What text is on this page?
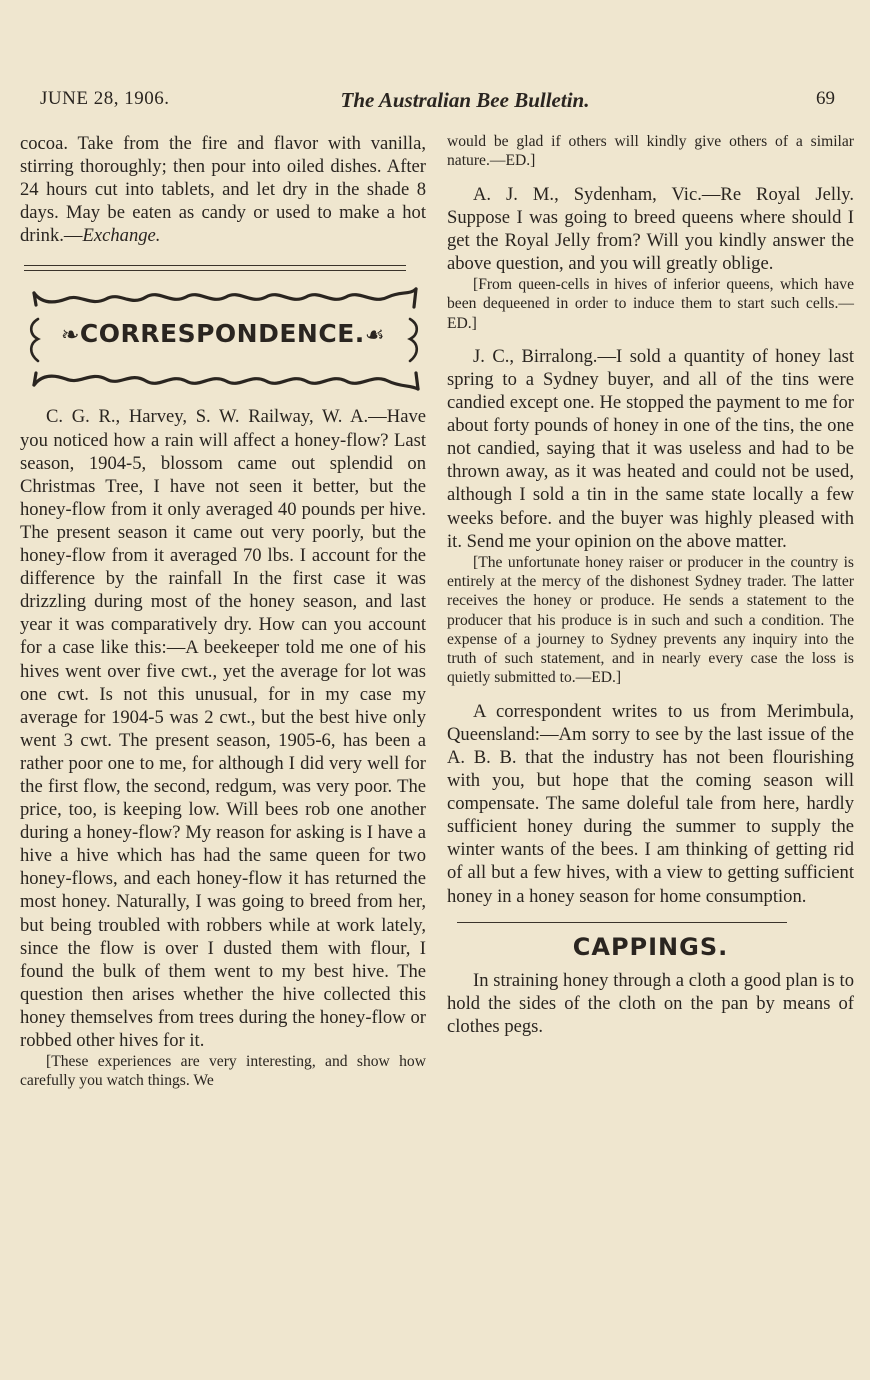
JUNE 28, 1906.	The Australian Bee Bulletin.	69

cocoa. Take from the fire and flavor with vanilla, stirring thoroughly; then pour into oiled dishes. After 24 hours cut into tablets, and let dry in the shade 8 days. May be eaten as candy or used to make a hot drink.—Exchange.

❧CORRESPONDENCE.☙

C. G. R., Harvey, S. W. Railway, W. A.—Have you noticed how a rain will affect a honey-flow? Last season, 1904-5, blossom came out splendid on Christmas Tree, I have not seen it better, but the honey-flow from it only averaged 40 pounds per hive. The present season it came out very poorly, but the honey-flow from it averaged 70 lbs. I account for the difference by the rainfall In the first case it was drizzling during most of the honey season, and last year it was comparatively dry. How can you account for a case like this:—A beekeeper told me one of his hives went over five cwt., yet the average for lot was one cwt. Is not this unusual, for in my case my average for 1904-5 was 2 cwt., but the best hive only went 3 cwt. The present season, 1905-6, has been a rather poor one to me, for although I did very well for the first flow, the second, redgum, was very poor. The price, too, is keeping low. Will bees rob one another during a honey-flow? My reason for asking is I have a hive a hive which has had the same queen for two honey-flows, and each honey-flow it has returned the most honey. Naturally, I was going to breed from her, but being troubled with robbers while at work lately, since the flow is over I dusted them with flour, I found the bulk of them went to my best hive. The question then arises whether the hive collected this honey themselves from trees during the honey-flow or robbed other hives for it.

[These experiences are very interesting, and show how carefully you watch things. We

would be glad if others will kindly give others of a similar nature.—ED.]

A. J. M., Sydenham, Vic.—Re Royal Jelly. Suppose I was going to breed queens where should I get the Royal Jelly from? Will you kindly answer the above question, and you will greatly oblige.

[From queen-cells in hives of inferior queens, which have been dequeened in order to induce them to start such cells.—ED.]

J. C., Birralong.—I sold a quantity of honey last spring to a Sydney buyer, and all of the tins were candied except one. He stopped the payment to me for about forty pounds of honey in one of the tins, the one not candied, saying that it was useless and had to be thrown away, as it was heated and could not be used, although I sold a tin in the same state locally a few weeks before. and the buyer was highly pleased with it. Send me your opinion on the above matter.

[The unfortunate honey raiser or producer in the country is entirely at the mercy of the dishonest Sydney trader. The latter receives the honey or produce. He sends a statement to the producer that his produce is in such and such a condition. The expense of a journey to Sydney prevents any inquiry into the truth of such statement, and in nearly every case the loss is quietly submitted to.—ED.]

A correspondent writes to us from Merimbula, Queensland:—Am sorry to see by the last issue of the A. B. B. that the industry has not been flourishing with you, but hope that the coming season will compensate. The same doleful tale from here, hardly sufficient honey during the summer to supply the winter wants of the bees. I am thinking of getting rid of all but a few hives, with a view to getting sufficient honey in a honey season for home consumption.

CAPPINGS.

In straining honey through a cloth a good plan is to hold the sides of the cloth on the pan by means of clothes pegs.
